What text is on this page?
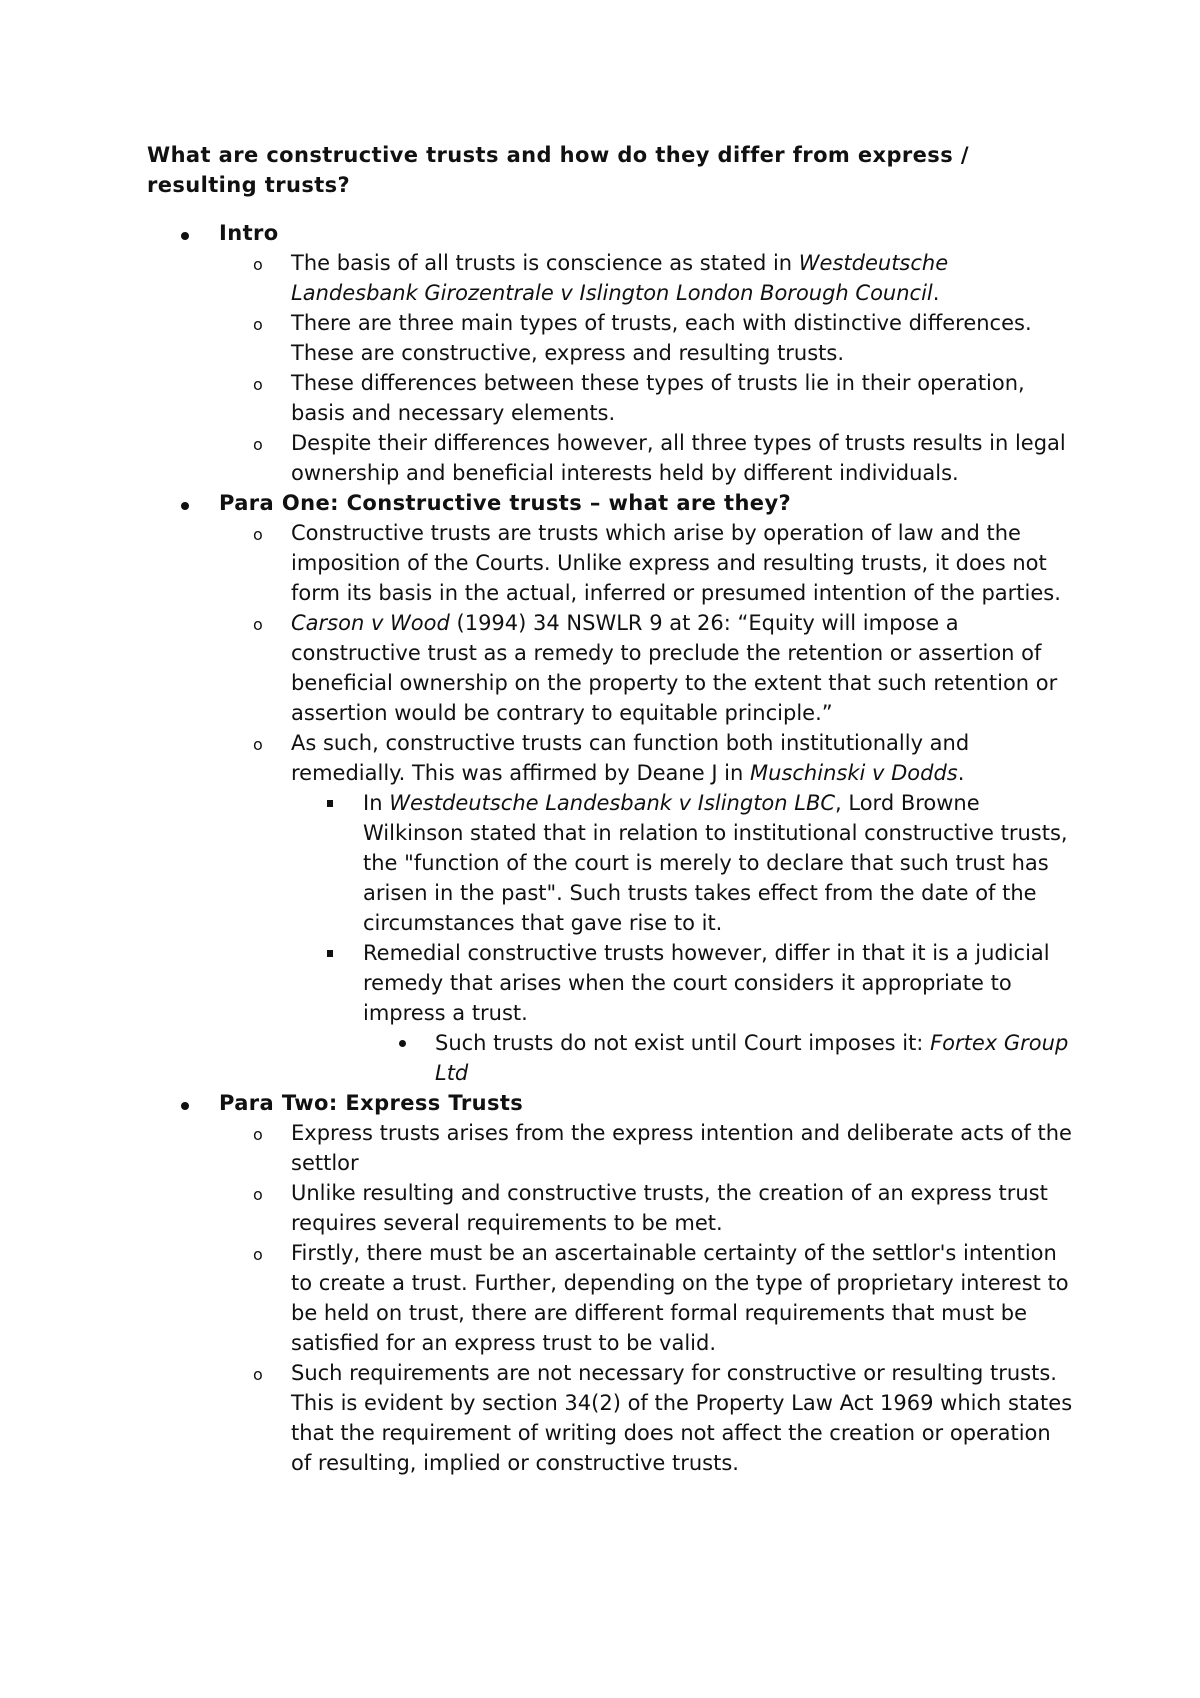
What are constructive trusts and how do they differ from express / resulting trusts?
Intro
o The basis of all trusts is conscience as stated in Westdeutsche Landesbank Girozentrale v Islington London Borough Council.
o There are three main types of trusts, each with distinctive differences. These are constructive, express and resulting trusts.
o These differences between these types of trusts lie in their operation, basis and necessary elements.
o Despite their differences however, all three types of trusts results in legal ownership and beneficial interests held by different individuals.
Para One: Constructive trusts – what are they?
o Constructive trusts are trusts which arise by operation of law and the imposition of the Courts. Unlike express and resulting trusts, it does not form its basis in the actual, inferred or presumed intention of the parties.
o Carson v Wood (1994) 34 NSWLR 9 at 26: “Equity will impose a constructive trust as a remedy to preclude the retention or assertion of beneficial ownership on the property to the extent that such retention or assertion would be contrary to equitable principle.”
o As such, constructive trusts can function both institutionally and remedially. This was affirmed by Deane J in Muschinski v Dodds.
In Westdeutsche Landesbank v Islington LBC, Lord Browne Wilkinson stated that in relation to institutional constructive trusts, the "function of the court is merely to declare that such trust has arisen in the past". Such trusts takes effect from the date of the circumstances that gave rise to it.
Remedial constructive trusts however, differ in that it is a judicial remedy that arises when the court considers it appropriate to impress a trust.
Such trusts do not exist until Court imposes it: Fortex Group Ltd
Para Two: Express Trusts
o Express trusts arises from the express intention and deliberate acts of the settlor
o Unlike resulting and constructive trusts, the creation of an express trust requires several requirements to be met.
o Firstly, there must be an ascertainable certainty of the settlor's intention to create a trust. Further, depending on the type of proprietary interest to be held on trust, there are different formal requirements that must be satisfied for an express trust to be valid.
o Such requirements are not necessary for constructive or resulting trusts. This is evident by section 34(2) of the Property Law Act 1969 which states that the requirement of writing does not affect the creation or operation of resulting, implied or constructive trusts.
